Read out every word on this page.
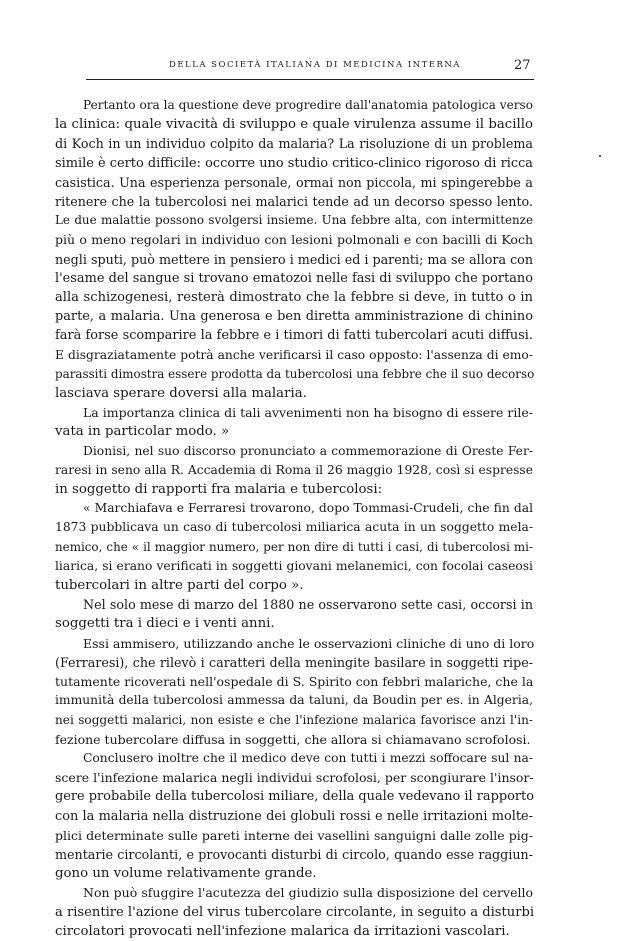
DELLA SOCIETÀ ITALIANA DI MEDICINA INTERNA	27

Pertanto ora la questione deve progredire dall'anatomia patologica verso
la clinica: quale vivacità di sviluppo e quale virulenza assume il bacillo
di Koch in un individuo colpito da malaria? La risoluzione di un problema
simile è certo difficile: occorre uno studio critico-clinico rigoroso di ricca
casistica. Una esperienza personale, ormai non piccola, mi spingerebbe a
ritenere che la tubercolosi nei malarici tende ad un decorso spesso lento.
Le due malattie possono svolgersi insieme. Una febbre alta, con intermittenze
più o meno regolari in individuo con lesioni polmonali e con bacilli di Koch
negli sputi, può mettere in pensiero i medici ed i parenti; ma se allora con
l'esame del sangue si trovano ematozoi nelle fasi di sviluppo che portano
alla schizogenesi, resterà dimostrato che la febbre si deve, in tutto o in
parte, a malaria. Una generosa e ben diretta amministrazione di chinino
farà forse scomparire la febbre e i timori di fatti tubercolari acuti diffusi.
E disgraziatamente potrà anche verificarsi il caso opposto: l'assenza di emo-
parassiti dimostra essere prodotta da tubercolosi una febbre che il suo decorso
lasciava sperare doversi alla malaria.

La importanza clinica di tali avvenimenti non ha bisogno di essere rile-
vata in particolar modo. »

Dionisi, nel suo discorso pronunciato a commemorazione di Oreste Fer-
raresi in seno alla R. Accademia di Roma il 26 maggio 1928, così si espresse
in soggetto di rapporti fra malaria e tubercolosi:

« Marchiafava e Ferraresi trovarono, dopo Tommasi-Crudeli, che fin dal
1873 pubblicava un caso di tubercolosi miliarica acuta in un soggetto mela-
nemico, che « il maggior numero, per non dire di tutti i casi, di tubercolosi mi-
liarica, si erano verificati in soggetti giovani melanemici, con focolai caseosi
tubercolari in altre parti del corpo ».

Nel solo mese di marzo del 1880 ne osservarono sette casi, occorsi in
soggetti tra i dieci e i venti anni.

Essi ammisero, utilizzando anche le osservazioni cliniche di uno di loro
(Ferraresi), che rilevò i caratteri della meningite basilare in soggetti ripe-
tutamente ricoverati nell'ospedale di S. Spirito con febbri malariche, che la
immunità della tubercolosi ammessa da taluni, da Boudin per es. in Algeria,
nei soggetti malarici, non esiste e che l'infezione malarica favorisce anzi l'in-
fezione tubercolare diffusa in soggetti, che allora si chiamavano scrofolosi.

Conclusero inoltre che il medico deve con tutti i mezzi soffocare sul na-
scere l'infezione malarica negli individui scrofolosi, per scongiurare l'insor-
gere probabile della tubercolosi miliare, della quale vedevano il rapporto
con la malaria nella distruzione dei globuli rossi e nelle irritazioni molte-
plici determinate sulle pareti interne dei vasellini sanguigni dalle zolle pig-
mentarie circolanti, e provocanti disturbi di circolo, quando esse raggiun-
gono un volume relativamente grande.

Non può sfuggire l'acutezza del giudizio sulla disposizione del cervello
a risentire l'azione del virus tubercolare circolante, in seguito a disturbi
circolatori provocati nell'infezione malarica da irritazioni vascolari.
